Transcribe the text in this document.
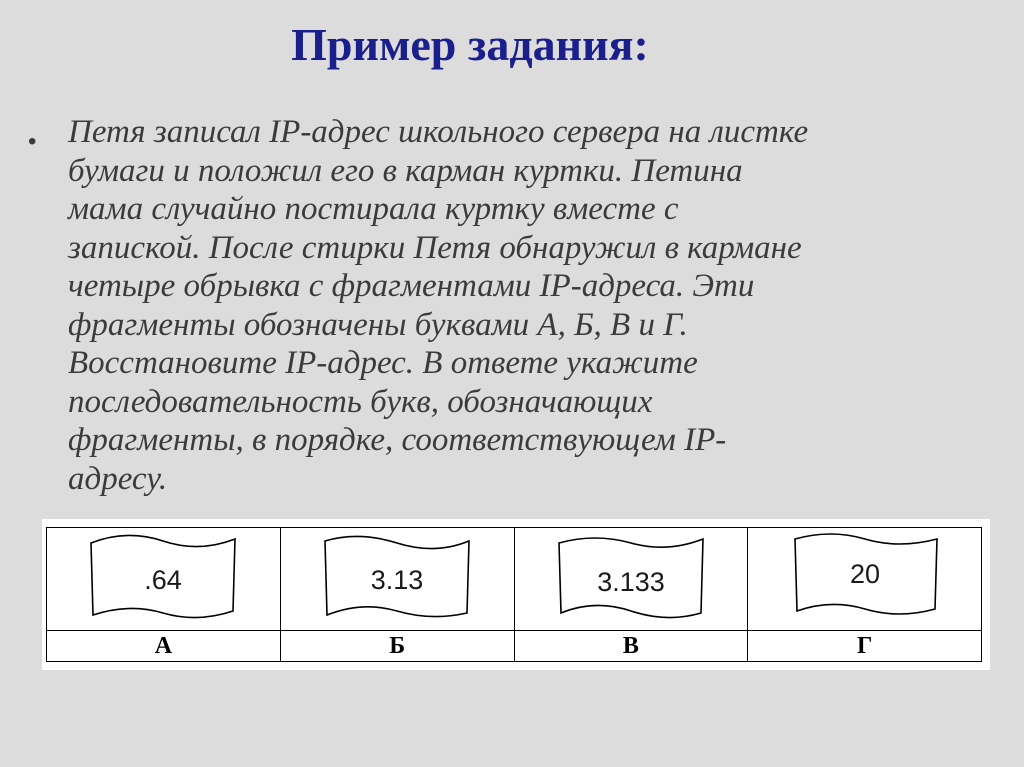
Пример задания:
• Петя записал IP-адрес школьного сервера на листке
бумаги и положил его в карман куртки. Петина
мама случайно постирала куртку вместе с
запиской. После стирки Петя обнаружил в кармане
четыре обрывка с фрагментами IP-адреса. Эти
фрагменты обозначены буквами А, Б, В и Г.
Восстановите IP-адрес. В ответе укажите
последовательность букв, обозначающих
фрагменты, в порядке, соответствующем IP-
адресу.
.64	3.13	3.133	20

А	Б	В	Г
